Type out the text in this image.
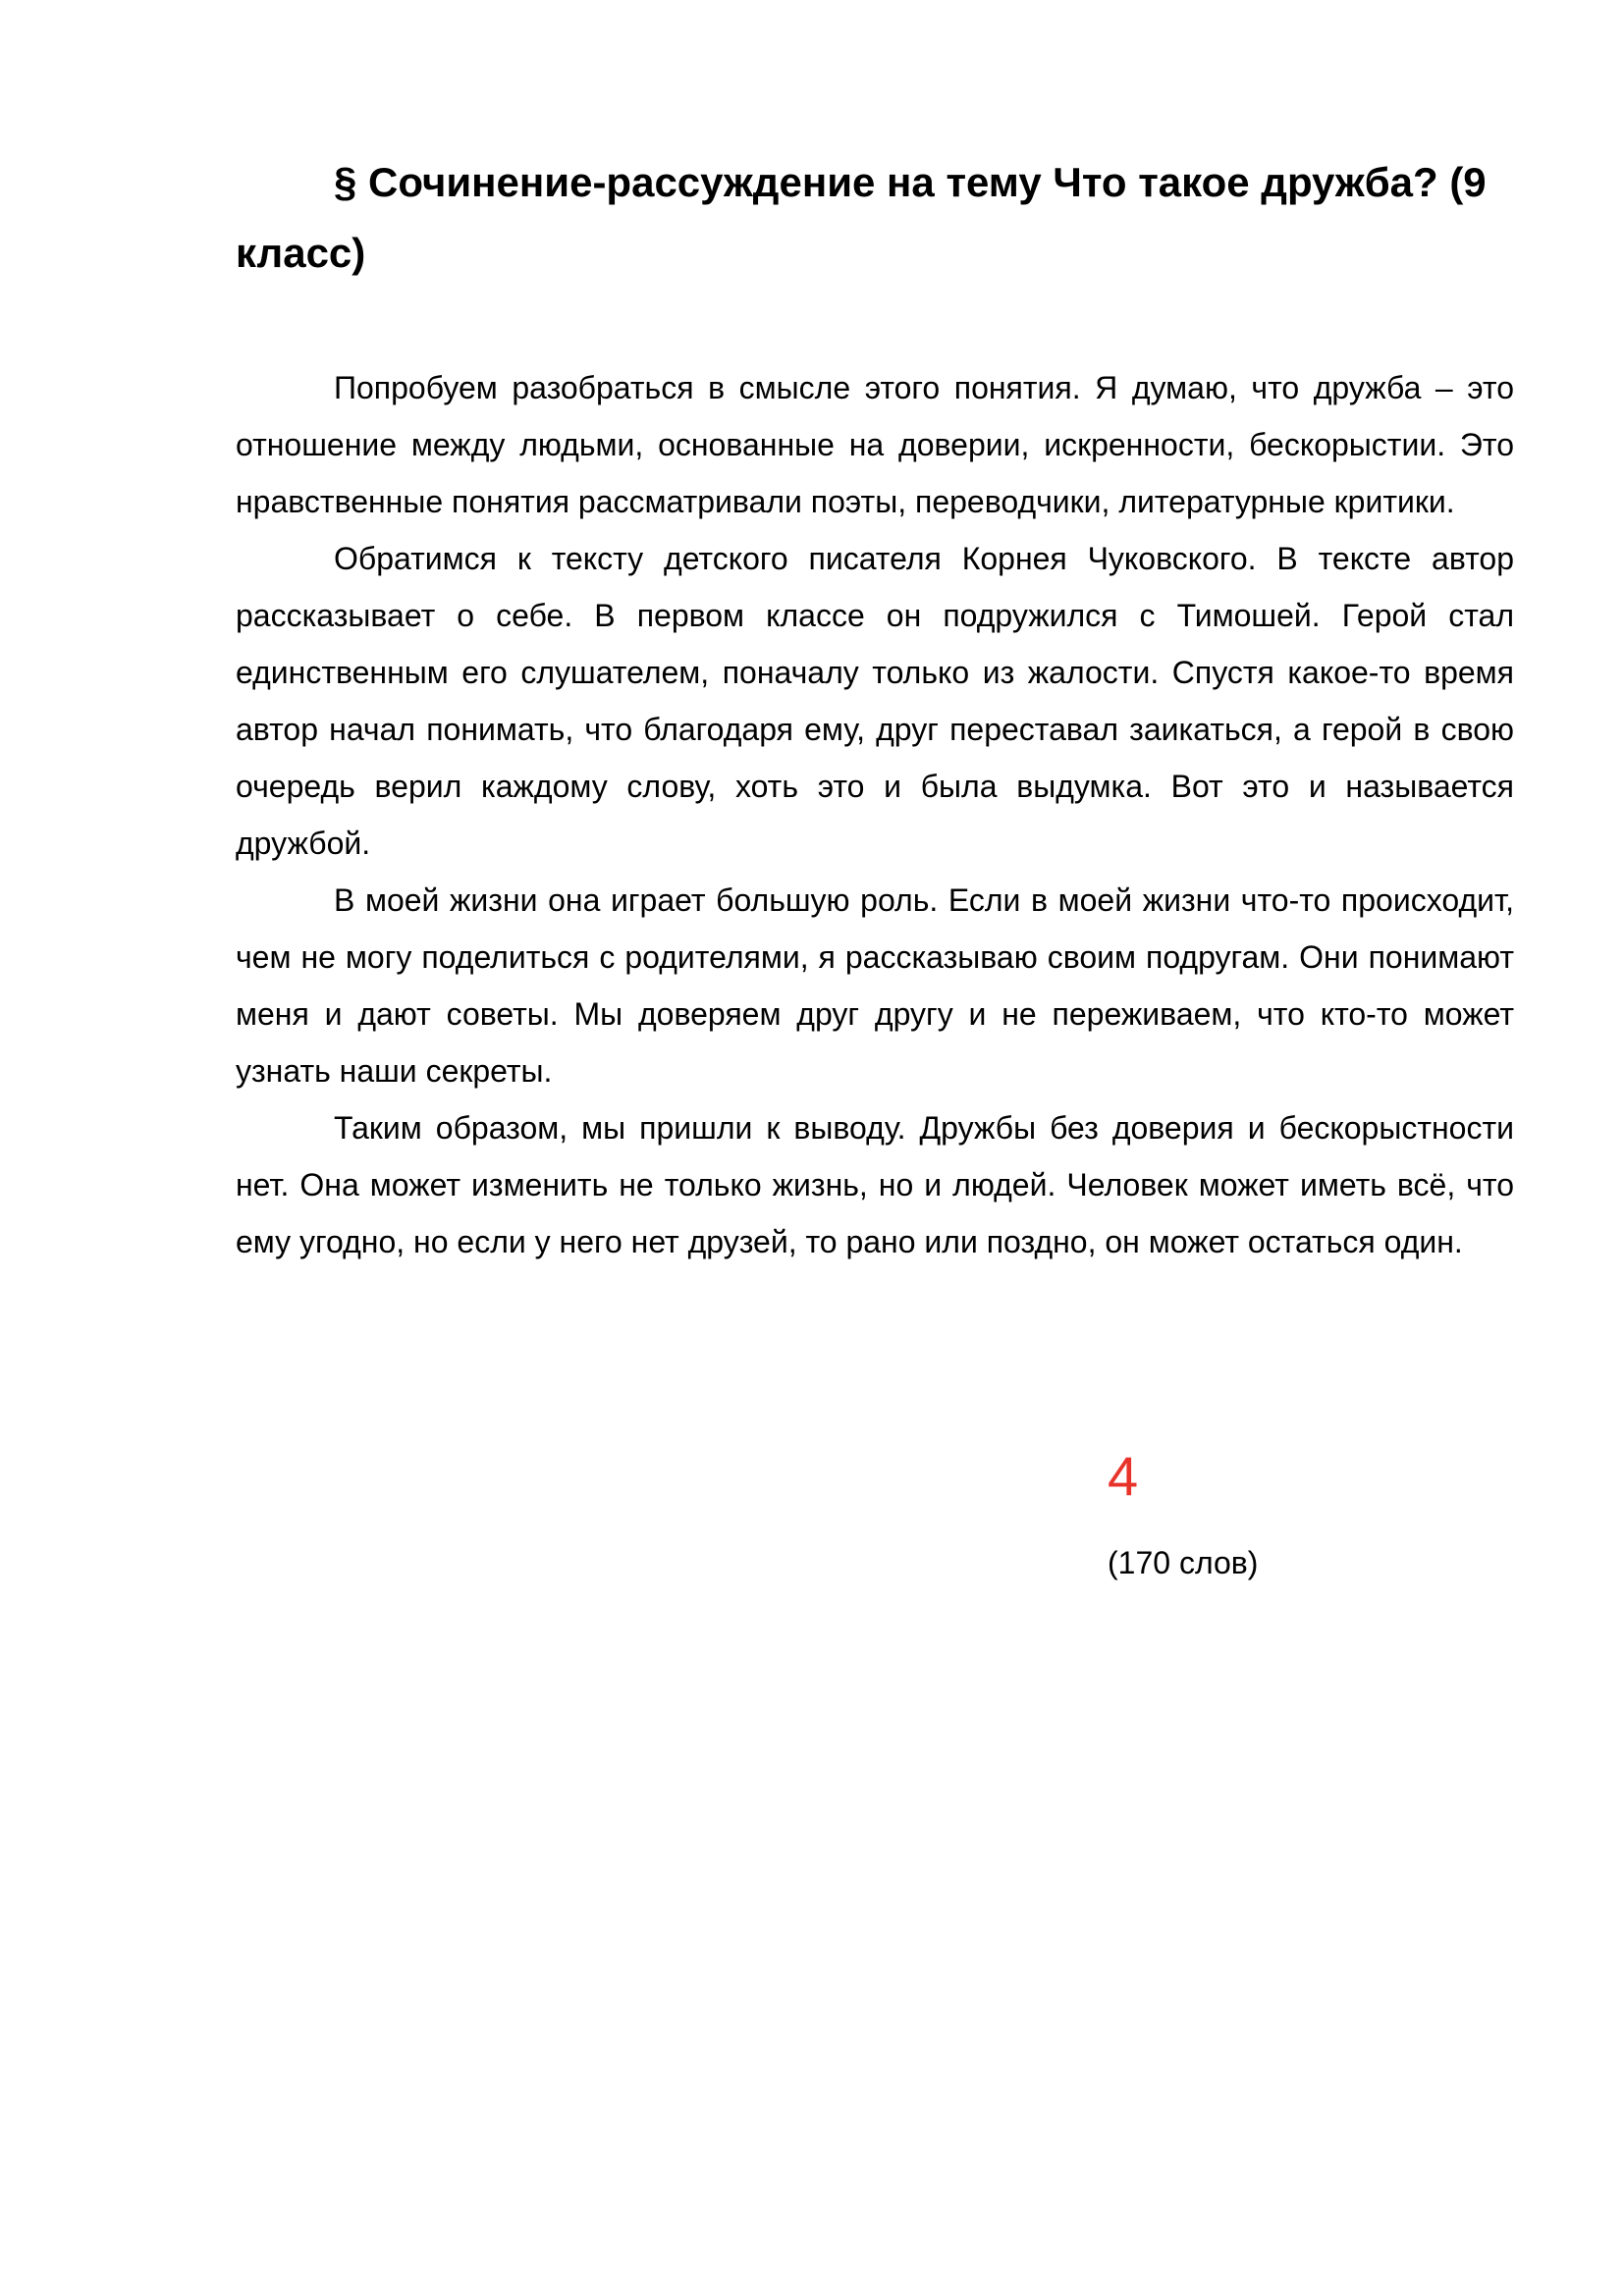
§ Сочинение-рассуждение на тему Что такое дружба? (9 класс)

Попробуем разобраться в смысле этого понятия. Я думаю, что дружба – это отношение между людьми, основанные на доверии, искренности, бескорыстии. Это нравственные понятия рассматривали поэты, переводчики, литературные критики.

Обратимся к тексту детского писателя Корнея Чуковского. В тексте автор рассказывает о себе. В первом классе он подружился с Тимошей. Герой стал единственным его слушателем, поначалу только из жалости. Спустя какое-то время автор начал понимать, что благодаря ему, друг переставал заикаться, а герой в свою очередь верил каждому слову, хоть это и была выдумка. Вот это и называется дружбой.

В моей жизни она играет большую роль. Если в моей жизни что-то происходит, чем не могу поделиться с родителями, я рассказываю своим подругам. Они понимают меня и дают советы. Мы доверяем друг другу и не переживаем, что кто-то может узнать наши секреты.

Таким образом, мы пришли к выводу. Дружбы без доверия и бескорыстности нет. Она может изменить не только жизнь, но и людей. Человек может иметь всё, что ему угодно, но если у него нет друзей, то рано или поздно, он может остаться один.

4
(170 слов)
